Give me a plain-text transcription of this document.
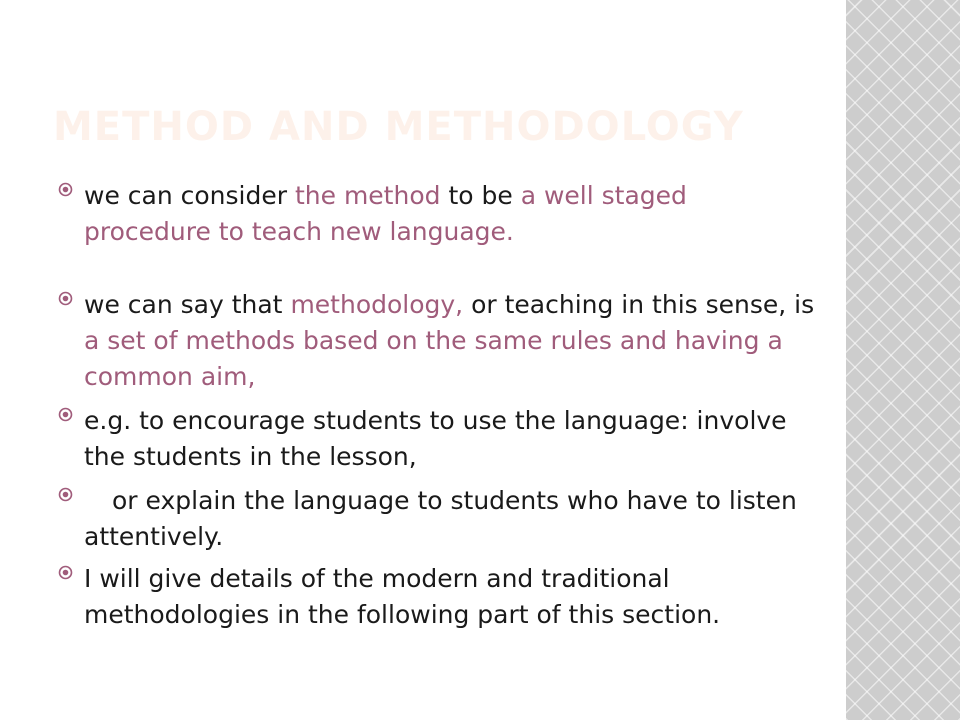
METHOD AND METHODOLOGY
we can consider the method to be a well staged procedure to teach new language.
we can say that methodology, or teaching in this sense, is a set of methods based on the same rules and having a common aim,
e.g. to encourage students to use the language: involve the students in the lesson,
or explain the language to students who have to listen attentively.
I will give details of the modern and traditional methodologies in the following part of this section.
